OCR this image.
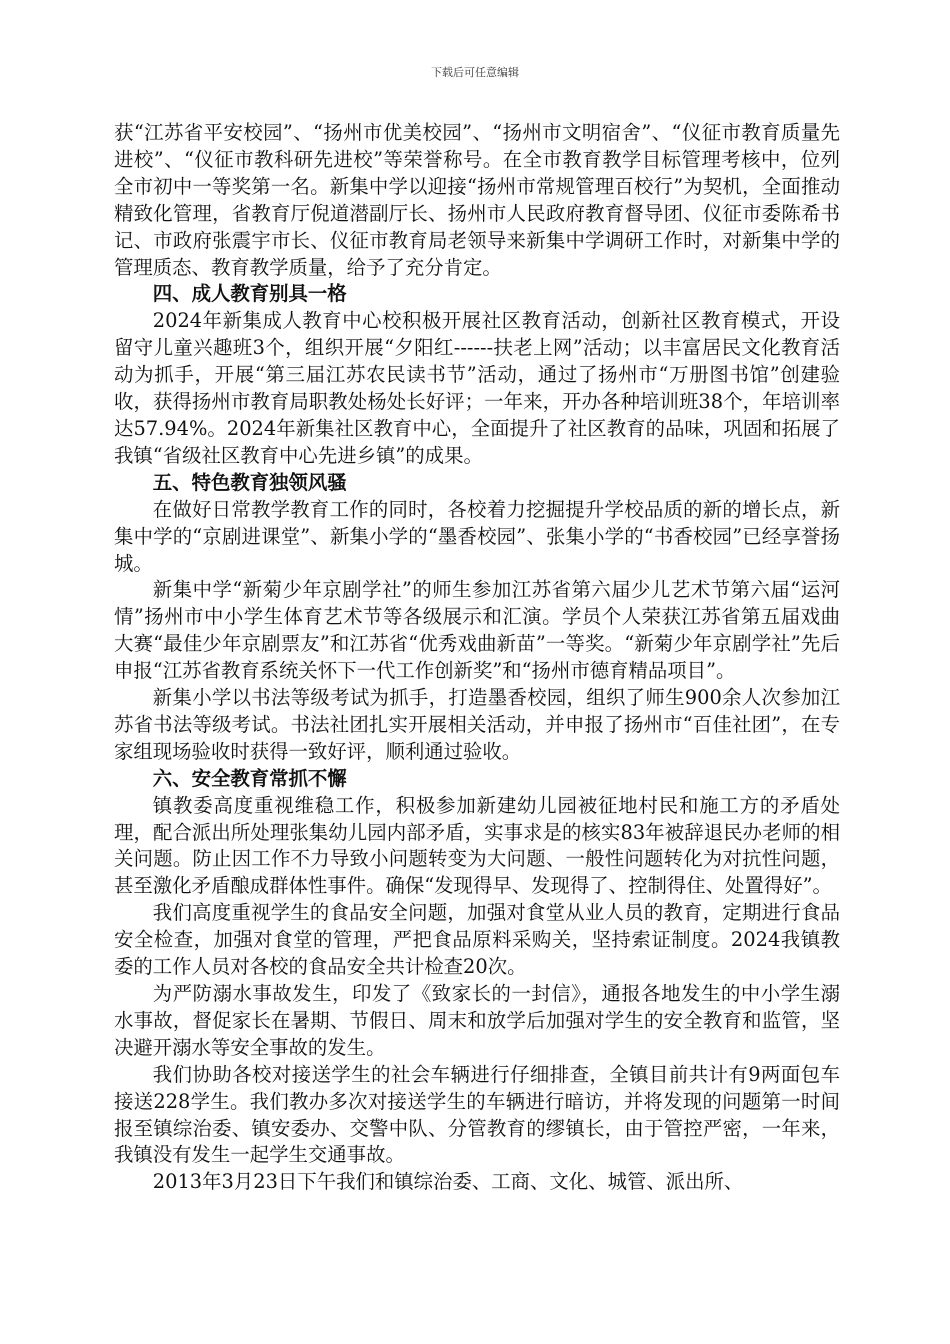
下载后可任意编辑

获“江苏省平安校园”、“扬州市优美校园”、“扬州市文明宿舍”、“仪征市教育质量先进校”、“仪征市教科研先进校”等荣誉称号。在全市教育教学目标管理考核中，位列全市初中一等奖第一名。新集中学以迎接“扬州市常规管理百校行”为契机，全面推动精致化管理，省教育厅倪道潜副厅长、扬州市人民政府教育督导团、仪征市委陈希书记、市政府张震宇市长、仪征市教育局老领导来新集中学调研工作时，对新集中学的管理质态、教育教学质量，给予了充分肯定。

四、成人教育别具一格

2024年新集成人教育中心校积极开展社区教育活动，创新社区教育模式，开设留守儿童兴趣班3个，组织开展“夕阳红------扶老上网”活动；以丰富居民文化教育活动为抓手，开展“第三届江苏农民读书节”活动，通过了扬州市“万册图书馆”创建验收，获得扬州市教育局职教处杨处长好评；一年来，开办各种培训班38个，年培训率达57.94%。2024年新集社区教育中心，全面提升了社区教育的品味，巩固和拓展了我镇“省级社区教育中心先进乡镇”的成果。

五、特色教育独领风骚

在做好日常教学教育工作的同时，各校着力挖掘提升学校品质的新的增长点，新集中学的“京剧进课堂”、新集小学的“墨香校园”、张集小学的“书香校园”已经享誉扬城。

新集中学“新菊少年京剧学社”的师生参加江苏省第六届少儿艺术节第六届“运河情”扬州市中小学生体育艺术节等各级展示和汇演。学员个人荣获江苏省第五届戏曲大赛“最佳少年京剧票友”和江苏省“优秀戏曲新苗”一等奖。“新菊少年京剧学社”先后申报“江苏省教育系统关怀下一代工作创新奖”和“扬州市德育精品项目”。

新集小学以书法等级考试为抓手，打造墨香校园，组织了师生900余人次参加江苏省书法等级考试。书法社团扎实开展相关活动，并申报了扬州市“百佳社团”，在专家组现场验收时获得一致好评，顺利通过验收。

六、安全教育常抓不懈

镇教委高度重视维稳工作，积极参加新建幼儿园被征地村民和施工方的矛盾处理，配合派出所处理张集幼儿园内部矛盾，实事求是的核实83年被辞退民办老师的相关问题。防止因工作不力导致小问题转变为大问题、一般性问题转化为对抗性问题，甚至激化矛盾酿成群体性事件。确保“发现得早、发现得了、控制得住、处置得好”。

我们高度重视学生的食品安全问题，加强对食堂从业人员的教育，定期进行食品安全检查，加强对食堂的管理，严把食品原料采购关，坚持索证制度。2024我镇教委的工作人员对各校的食品安全共计检查20次。

为严防溺水事故发生，印发了《致家长的一封信》，通报各地发生的中小学生溺水事故，督促家长在暑期、节假日、周末和放学后加强对学生的安全教育和监管，坚决避开溺水等安全事故的发生。

我们协助各校对接送学生的社会车辆进行仔细排查，全镇目前共计有9两面包车接送228学生。我们教办多次对接送学生的车辆进行暗访，并将发现的问题第一时间报至镇综治委、镇安委办、交警中队、分管教育的缪镇长，由于管控严密，一年来，我镇没有发生一起学生交通事故。

2013年3月23日下午我们和镇综治委、工商、文化、城管、派出所、
